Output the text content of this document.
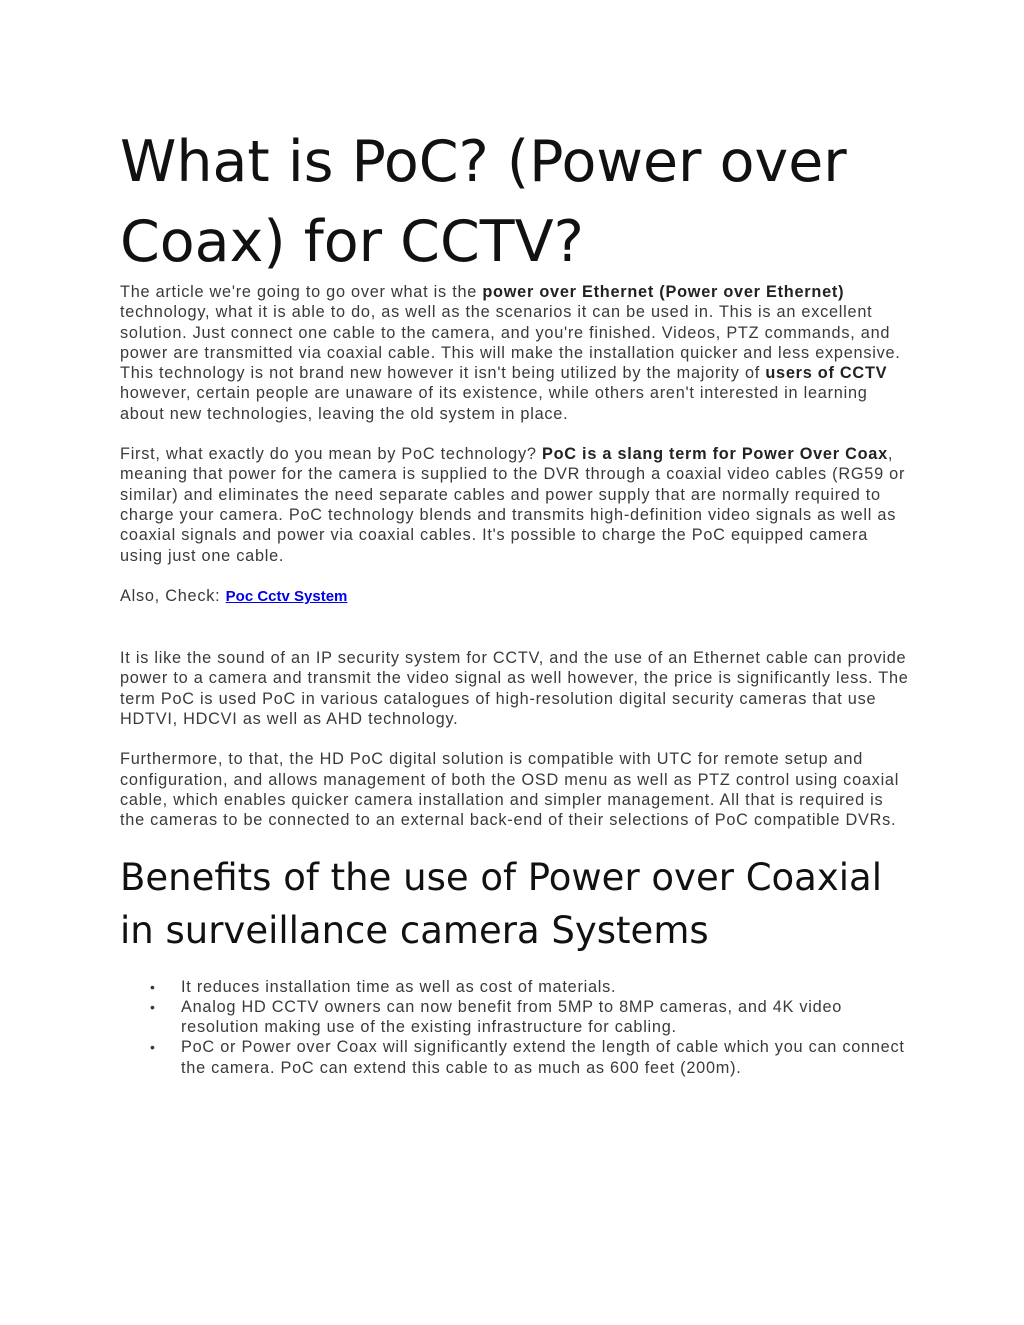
What is PoC? (Power over Coax) for CCTV?

The article we're going to go over what is the power over Ethernet (Power over Ethernet) technology, what it is able to do, as well as the scenarios it can be used in. This is an excellent solution. Just connect one cable to the camera, and you're finished. Videos, PTZ commands, and power are transmitted via coaxial cable. This will make the installation quicker and less expensive. This technology is not brand new however it isn't being utilized by the majority of users of CCTV however, certain people are unaware of its existence, while others aren't interested in learning about new technologies, leaving the old system in place.

First, what exactly do you mean by PoC technology? PoC is a slang term for Power Over Coax, meaning that power for the camera is supplied to the DVR through a coaxial video cables (RG59 or similar) and eliminates the need separate cables and power supply that are normally required to charge your camera. PoC technology blends and transmits high-definition video signals as well as coaxial signals and power via coaxial cables. It's possible to charge the PoC equipped camera using just one cable.

Also, Check: Poc Cctv System

It is like the sound of an IP security system for CCTV, and the use of an Ethernet cable can provide power to a camera and transmit the video signal as well however, the price is significantly less. The term PoC is used PoC in various catalogues of high-resolution digital security cameras that use HDTVI, HDCVI as well as AHD technology.

Furthermore, to that, the HD PoC digital solution is compatible with UTC for remote setup and configuration, and allows management of both the OSD menu as well as PTZ control using coaxial cable, which enables quicker camera installation and simpler management. All that is required is the cameras to be connected to an external back-end of their selections of PoC compatible DVRs.

Benefits of the use of Power over Coaxial in surveillance camera Systems
• It reduces installation time as well as cost of materials.
• Analog HD CCTV owners can now benefit from 5MP to 8MP cameras, and 4K video resolution making use of the existing infrastructure for cabling.
• PoC or Power over Coax will significantly extend the length of cable which you can connect the camera. PoC can extend this cable to as much as 600 feet (200m).
